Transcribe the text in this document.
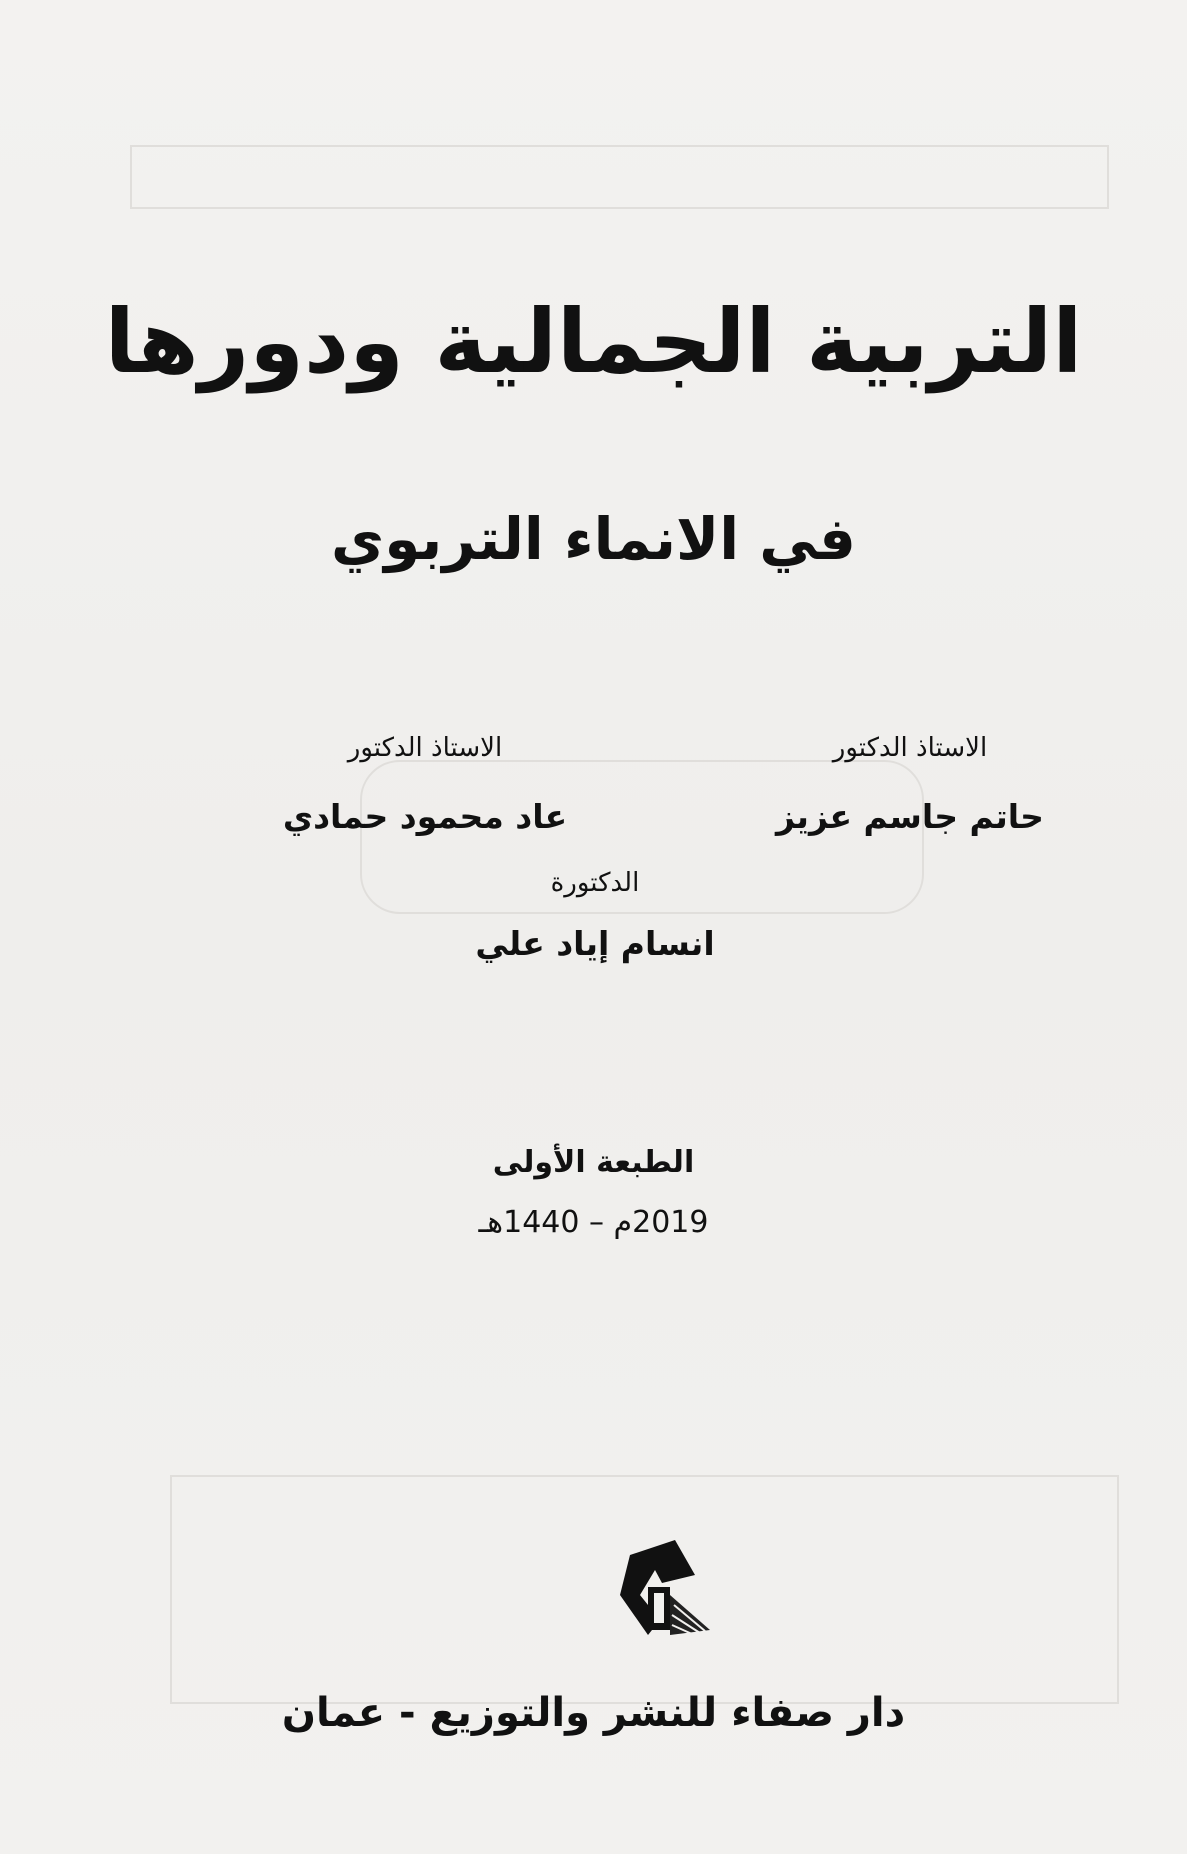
التربية الجمالية ودورها
في الانماء التربوي
الاستاذ الدكتور
حاتم جاسم عزيز
الاستاذ الدكتور
عاد محمود حمادي
الدكتورة
انسام إياد علي
الطبعة الأولى
2019م – 1440هـ
دار صفاء للنشر والتوزيع - عمان
